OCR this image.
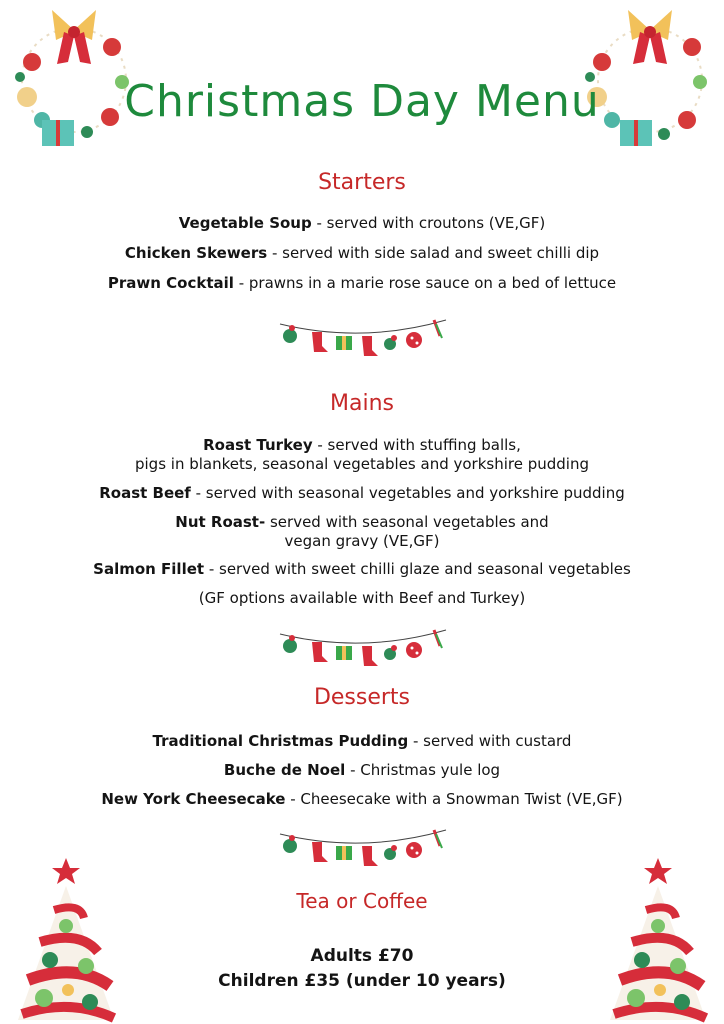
Christmas Day Menu
Starters
Vegetable Soup - served with croutons (VE,GF)
Chicken Skewers - served with side salad and sweet chilli dip
Prawn Cocktail - prawns in a marie rose sauce on a bed of lettuce
Mains
Roast Turkey - served with stuffing balls,
pigs in blankets, seasonal vegetables and yorkshire pudding
Roast Beef - served with seasonal vegetables and yorkshire pudding
Nut Roast- served with seasonal vegetables and
vegan gravy (VE,GF)
Salmon Fillet - served with sweet chilli glaze and seasonal vegetables
(GF options available with Beef and Turkey)
Desserts
Traditional Christmas Pudding - served with custard
Buche de Noel - Christmas yule log
New York Cheesecake - Cheesecake with a Snowman Twist (VE,GF)
Tea or Coffee
Adults £70
Children £35 (under 10 years)
